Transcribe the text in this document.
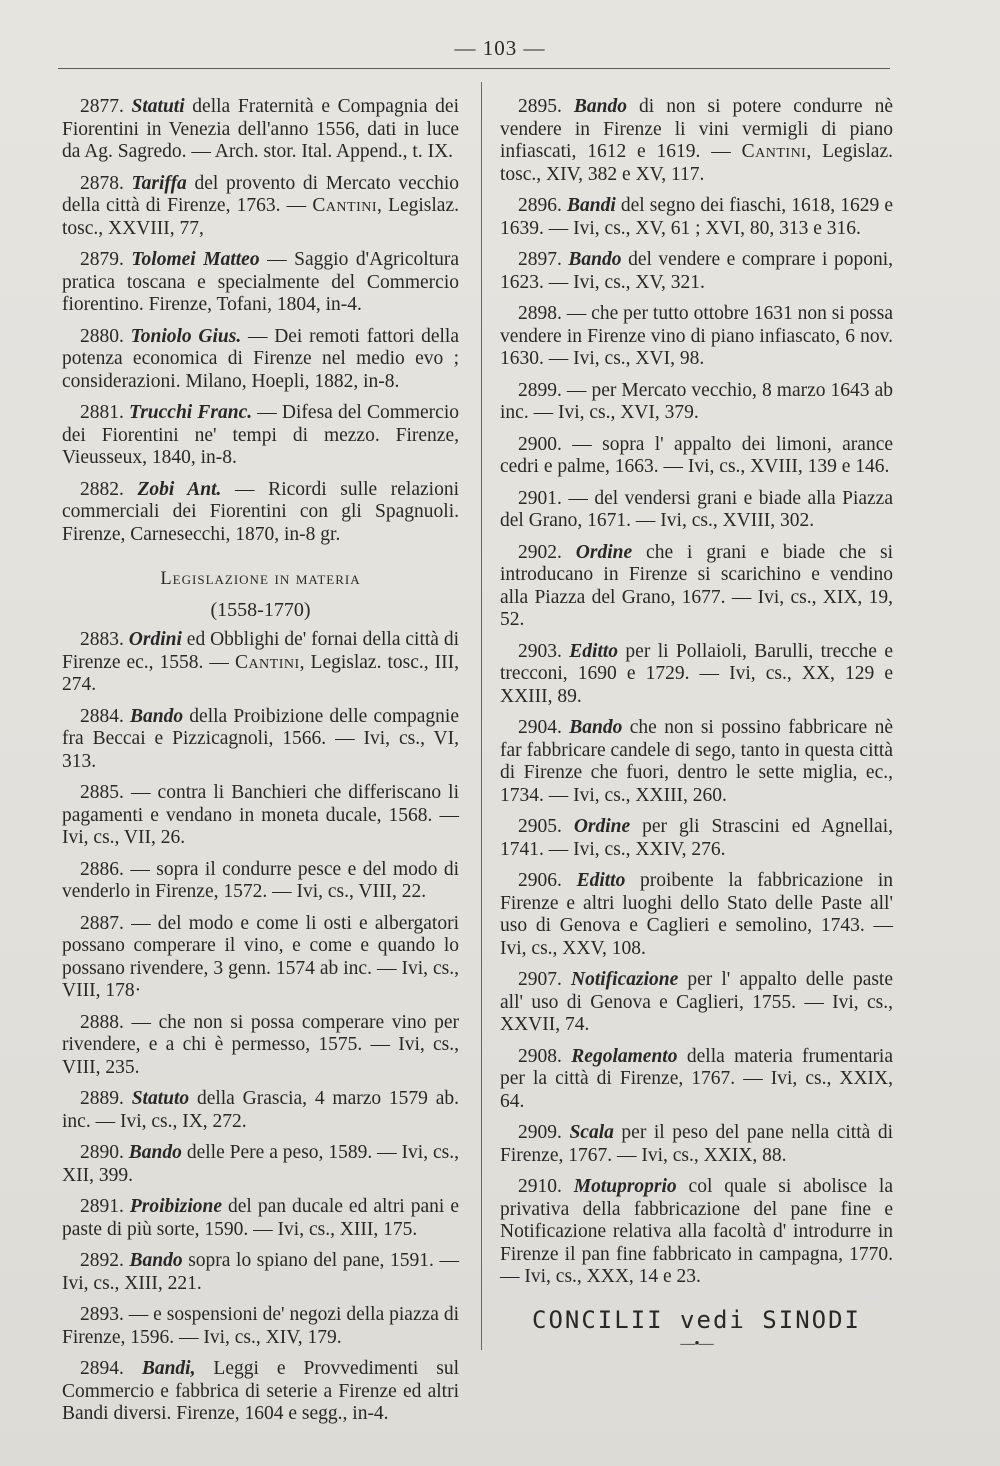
— 103 —

2877. Statuti della Fraternità e Compagnia dei Fiorentini in Venezia dell'anno 1556, dati in luce da Ag. Sagredo. — Arch. stor. Ital. Append., t. IX.

2878. Tariffa del provento di Mercato vecchio della città di Firenze, 1763. — Cantini, Legislaz. tosc., XXVIII, 77,

2879. Tolomei Matteo — Saggio d'Agricoltura pratica toscana e specialmente del Commercio fiorentino. Firenze, Tofani, 1804, in-4.

2880. Toniolo Gius. — Dei remoti fattori della potenza economica di Firenze nel medio evo ; considerazioni. Milano, Hoepli, 1882, in-8.

2881. Trucchi Franc. — Difesa del Commercio dei Fiorentini ne' tempi di mezzo. Firenze, Vieusseux, 1840, in-8.

2882. Zobi Ant. — Ricordi sulle relazioni commerciali dei Fiorentini con gli Spagnuoli. Firenze, Carnesecchi, 1870, in-8 gr.

Legislazione in materia
(1558-1770)

2883. Ordini ed Obblighi de' fornai della città di Firenze ec., 1558. — Cantini, Legislaz. tosc., III, 274.

2884. Bando della Proibizione delle compagnie fra Beccai e Pizzicagnoli, 1566. — Ivi, cs., VI, 313.

2885. — contra li Banchieri che differiscano li pagamenti e vendano in moneta ducale, 1568. — Ivi, cs., VII, 26.

2886. — sopra il condurre pesce e del modo di venderlo in Firenze, 1572. — Ivi, cs., VIII, 22.

2887. — del modo e come li osti e albergatori possano comperare il vino, e come e quando lo possano rivendere, 3 genn. 1574 ab inc. — Ivi, cs., VIII, 178·

2888. — che non si possa comperare vino per rivendere, e a chi è permesso, 1575. — Ivi, cs., VIII, 235.

2889. Statuto della Grascia, 4 marzo 1579 ab. inc. — Ivi, cs., IX, 272.

2890. Bando delle Pere a peso, 1589. — Ivi, cs., XII, 399.

2891. Proibizione del pan ducale ed altri pani e paste di più sorte, 1590. — Ivi, cs., XIII, 175.

2892. Bando sopra lo spiano del pane, 1591. — Ivi, cs., XIII, 221.

2893. — e sospensioni de' negozi della piazza di Firenze, 1596. — Ivi, cs., XIV, 179.

2894. Bandi, Leggi e Provvedimenti sul Commercio e fabbrica di seterie a Firenze ed altri Bandi diversi. Firenze, 1604 e segg., in-4.

2895. Bando di non si potere condurre nè vendere in Firenze li vini vermigli di piano infiascati, 1612 e 1619. — Cantini, Legislaz. tosc., XIV, 382 e XV, 117.

2896. Bandi del segno dei fiaschi, 1618, 1629 e 1639. — Ivi, cs., XV, 61 ; XVI, 80, 313 e 316.

2897. Bando del vendere e comprare i poponi, 1623. — Ivi, cs., XV, 321.

2898. — che per tutto ottobre 1631 non si possa vendere in Firenze vino di piano infiascato, 6 nov. 1630. — Ivi, cs., XVI, 98.

2899. — per Mercato vecchio, 8 marzo 1643 ab inc. — Ivi, cs., XVI, 379.

2900. — sopra l' appalto dei limoni, arance cedri e palme, 1663. — Ivi, cs., XVIII, 139 e 146.

2901. — del vendersi grani e biade alla Piazza del Grano, 1671. — Ivi, cs., XVIII, 302.

2902. Ordine che i grani e biade che si introducano in Firenze si scarichino e vendino alla Piazza del Grano, 1677. — Ivi, cs., XIX, 19, 52.

2903. Editto per li Pollaioli, Barulli, trecche e trecconi, 1690 e 1729. — Ivi, cs., XX, 129 e XXIII, 89.

2904. Bando che non si possino fabbricare nè far fabbricare candele di sego, tanto in questa città di Firenze che fuori, dentro le sette miglia, ec., 1734. — Ivi, cs., XXIII, 260.

2905. Ordine per gli Strascini ed Agnellai, 1741. — Ivi, cs., XXIV, 276.

2906. Editto proibente la fabbricazione in Firenze e altri luoghi dello Stato delle Paste all' uso di Genova e Caglieri e semolino, 1743. — Ivi, cs., XXV, 108.

2907. Notificazione per l' appalto delle paste all' uso di Genova e Caglieri, 1755. — Ivi, cs., XXVII, 74.

2908. Regolamento della materia frumentaria per la città di Firenze, 1767. — Ivi, cs., XXIX, 64.

2909. Scala per il peso del pane nella città di Firenze, 1767. — Ivi, cs., XXIX, 88.

2910. Motuproprio col quale si abolisce la privativa della fabbricazione del pane fine e Notificazione relativa alla facoltà d' introdurre in Firenze il pan fine fabbricato in campagna, 1770. — Ivi, cs., XXX, 14 e 23.

CONCILII vedi SINODI
—•—
